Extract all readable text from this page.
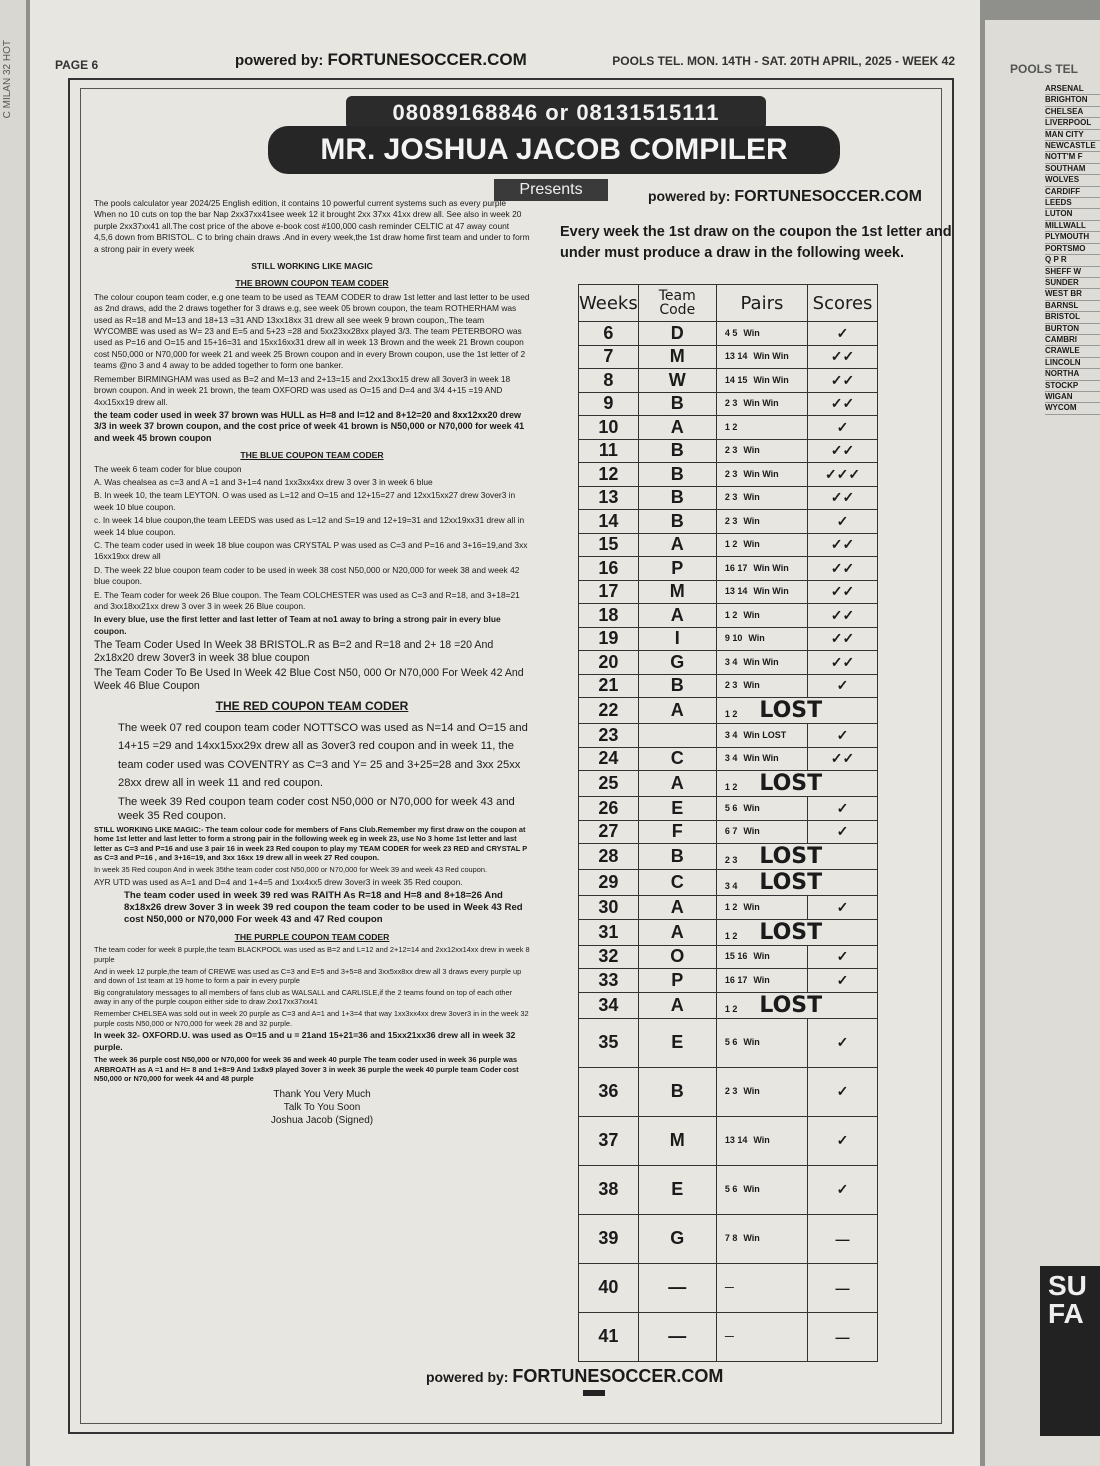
C MILAN 32 HOT	POOLS TEL
ARSENAL
BRIGHTON
CHELSEA
LIVERPOOL
MAN CITY
NEWCASTLE
NOTT'M F
SOUTHAM
WOLVES
CARDIFF
LEEDS
LUTON
MILLWALL
PLYMOUTH
PORTSMO
Q P R
SHEFF W
SUNDER
WEST BR
BARNSL
BRISTOL
BURTON
CAMBRI
CRAWLE
LINCOLN
NORTHA
STOCKP
WIGAN
WYCOM
SU FA
PAGE 6	powered by: FORTUNESOCCER.COM	POOLS TEL. MON. 14TH - SAT. 20TH APRIL, 2025 - WEEK 42
08089168846 or 08131515111
MR. JOSHUA JACOB COMPILER
Presents	powered by: FORTUNESOCCER.COM

The pools calculator year 2024/25 English edition, it contains 10 powerful current systems such as every purple When no 10 cuts on top the bar Nap 2xx37xx41see week 12 it brought 2xx 37xx 41xx drew all. See also in week 20 purple 2xx37xx41 all.The cost price of the above e-book cost #100,000 cash reminder CELTIC at 47 away count 4,5,6 down from BRISTOL. C to bring chain draws .And in every week,the 1st draw home first team and under to form a strong pair in every week

STILL WORKING LIKE MAGIC
THE BROWN COUPON TEAM CODER

The colour coupon team coder, e.g one team to be used as TEAM CODER to draw 1st letter and last letter to be used as 2nd draws, add the 2 draws together for 3 draws e.g, see week 05 brown coupon, the team ROTHERHAM was used as R=18 and M=13 and 18+13 =31 AND 13xx18xx 31 drew all see week 9 brown coupon,.The team WYCOMBE was used as W= 23 and E=5 and 5+23 =28 and 5xx23xx28xx played 3/3. The team PETERBORO was used as P=16 and O=15 and 15+16=31 and 15xx16xx31 drew all in week 13 Brown and the week 21 Brown coupon cost N50,000 or N70,000 for week 21 and week 25 Brown coupon and in every Brown coupon, use the 1st letter of 2 teams @no 3 and 4 away to be added together to form one banker.

Remember BIRMINGHAM was used as B=2 and M=13 and 2+13=15 and 2xx13xx15 drew all 3over3 in week 18 brown coupon. And in week 21 brown, the team OXFORD was used as O=15 and D=4 and 3/4 4+15 =19 AND 4xx15xx19 drew all.

the team coder used in week 37 brown was HULL as H=8 and l=12 and 8+12=20 and 8xx12xx20 drew 3/3 in week 37 brown coupon, and the cost price of week 41 brown is N50,000 or N70,000 for week 41 and week 45 brown coupon

THE BLUE COUPON TEAM CODER

The week 6 team coder for blue coupon

A. Was chealsea as c=3 and A =1 and 3+1=4 nand 1xx3xx4xx drew 3 over 3 in week 6 blue

B. In week 10, the team LEYTON. O was used as L=12 and O=15 and 12+15=27 and 12xx15xx27 drew 3over3 in week 10 blue coupon.

c. In week 14 blue coupon,the team LEEDS was used as L=12 and S=19 and 12+19=31 and 12xx19xx31 drew all in week 14 blue coupon.

C. The team coder used in week 18 blue coupon was CRYSTAL P was used as C=3 and P=16 and 3+16=19,and 3xx 16xx19xx drew all

D. The week 22 blue coupon team coder to be used in week 38 cost N50,000 or N20,000 for week 38 and week 42 blue coupon.

E. The Team coder for week 26 Blue coupon. The Team COLCHESTER was used as C=3 and R=18, and 3+18=21 and 3xx18xx21xx drew 3 over 3 in week 26 Blue coupon.

In every blue, use the first letter and last letter of Team at no1 away to bring a strong pair in every blue coupon.

The Team Coder Used In Week 38 BRISTOL.R as B=2 and R=18 and 2+ 18 =20 And 2x18x20 drew 3over3 in week 38 blue coupon

The Team Coder To Be Used In Week 42 Blue Cost N50, 000 Or N70,000 For Week 42 And Week 46 Blue Coupon

THE RED COUPON TEAM CODER

The week 07 red coupon team coder NOTTSCO was used as N=14 and O=15 and 14+15 =29 and 14xx15xx29x drew all as 3over3 red coupon and in week 11, the team coder used was COVENTRY as C=3 and Y= 25 and 3+25=28 and 3xx 25xx 28xx drew all in week 11 and red coupon.

The week 39 Red coupon team coder cost N50,000 or N70,000 for week 43 and week 35 Red coupon.

STILL WORKING LIKE MAGIC:- The team colour code for members of Fans Club.Remember my first draw on the coupon at home 1st letter and last letter to form a strong pair in the following week eg in week 23, use No 3 home 1st letter and last letter as C=3 and P=16 and use 3 pair 16 in week 23 Red coupon to play my TEAM CODER for week 23 RED and CRYSTAL P as C=3 and P=16 , and 3+16=19, and 3xx 16xx 19 drew all in week 27 Red coupon.

In week 35 Red coupon And in week 35the team coder cost N50,000 or N70,000 for Week 39 and week 43 Red coupon.

AYR UTD was used as A=1 and D=4 and 1+4=5 and 1xx4xx5 drew 3over3 in week 35 Red coupon.

The team coder used in week 39 red was RAITH As R=18 and H=8 and 8+18=26 And 8x18x26 drew 3over 3 in week 39 red coupon the team coder to be used in Week 43 Red cost N50,000 or N70,000 For week 43 and 47 Red coupon

THE PURPLE COUPON TEAM CODER

The team coder for week 8 purple,the team BLACKPOOL was used as B=2 and L=12 and 2+12=14 and 2xx12xx14xx drew in week 8 purple

And in week 12 purple,the team of CREWE was used as C=3 and E=5 and 3+5=8 and 3xx5xx8xx drew all 3 draws every purple up and down of 1st team at 19 home to form a pair in every purple

Big congratulatory messages to all members of fans club as WALSALL and CARLISLE,if the 2 teams found on top of each other away in any of the purple coupon either side to draw 2xx17xx37xx41

Remember CHELSEA was sold out in week 20 purple as C=3 and A=1 and 1+3=4 that way 1xx3xx4xx drew 3over3 in in the week 32 purple costs N50,000 or N70,000 for week 28 and 32 purple.

In week 32- OXFORD.U. was used as O=15 and u = 21and 15+21=36 and 15xx21xx36 drew all in week 32 purple.

The week 36 purple cost N50,000 or N70,000 for week 36 and week 40 purple The team coder used in week 36 purple was ARBROATH as A =1 and H= 8 and 1+8=9 And 1x8x9 played 3over 3 in week 36 purple the week 40 purple team Coder cost N50,000 or N70,000 for week 44 and 48 purple

Thank You Very Much
Talk To You Soon
Joshua Jacob (Signed)
Every week the 1st draw on the coupon the 1st letter and under must produce a draw in the following week.
Weeks	Team Code	Pairs	Scores
6	D	4 5 Win	✓
7	M	13 14 Win Win	✓✓
8	W	14 15 Win Win	✓✓
9	B	2 3 Win Win	✓✓
10	A	1 2	✓
11	B	2 3 Win	✓✓
12	B	2 3 Win Win	✓✓✓
13	B	2 3 Win	✓✓
14	B	2 3 Win	✓
15	A	1 2 Win	✓✓
16	P	16 17 Win Win	✓✓
17	M	13 14 Win Win	✓✓
18	A	1 2 Win	✓✓
19	I	9 10 Win	✓✓
20	G	3 4 Win Win	✓✓
21	B	2 3 Win	✓
22	A	1 2 LOST	
23		3 4 Win LOST	✓
24	C	3 4 Win Win	✓✓
25	A	1 2 LOST	
26	E	5 6 Win	✓
27	F	6 7 Win	✓
28	B	2 3 LOST	
29	C	3 4 LOST	
30	A	1 2 Win	✓
31	A	1 2 LOST	
32	O	15 16 Win	✓
33	P	16 17 Win	✓
34	A	1 2 LOST	
35	E	5 6 Win	✓
36	B	2 3 Win	✓
37	M	13 14 Win	✓
38	E	5 6 Win	✓
39	G	7 8 Win	—
40	—	—	—
41	—	—	—
powered by: FORTUNESOCCER.COM
